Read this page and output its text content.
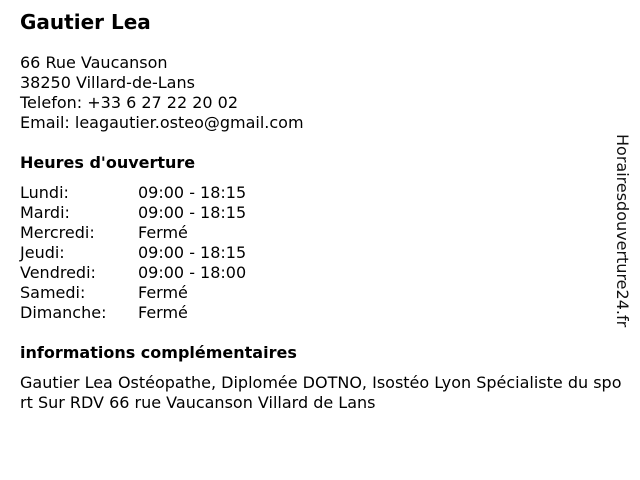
Gautier Lea
66 Rue Vaucanson
38250 Villard-de-Lans
Telefon: +33 6 27 22 20 02
Email: leagautier.osteo@gmail.com
Heures d'ouverture
Lundi:	09:00 - 18:15
Mardi:	09:00 - 18:15
Mercredi:	Fermé
Jeudi:	09:00 - 18:15
Vendredi:	09:00 - 18:00
Samedi:	Fermé
Dimanche:	Fermé
informations complémentaires
Gautier Lea Ostéopathe, Diplomée DOTNO, Isostéo Lyon Spécialiste du sport Sur RDV 66 rue Vaucanson Villard de Lans
Horairesdouverture24.fr
